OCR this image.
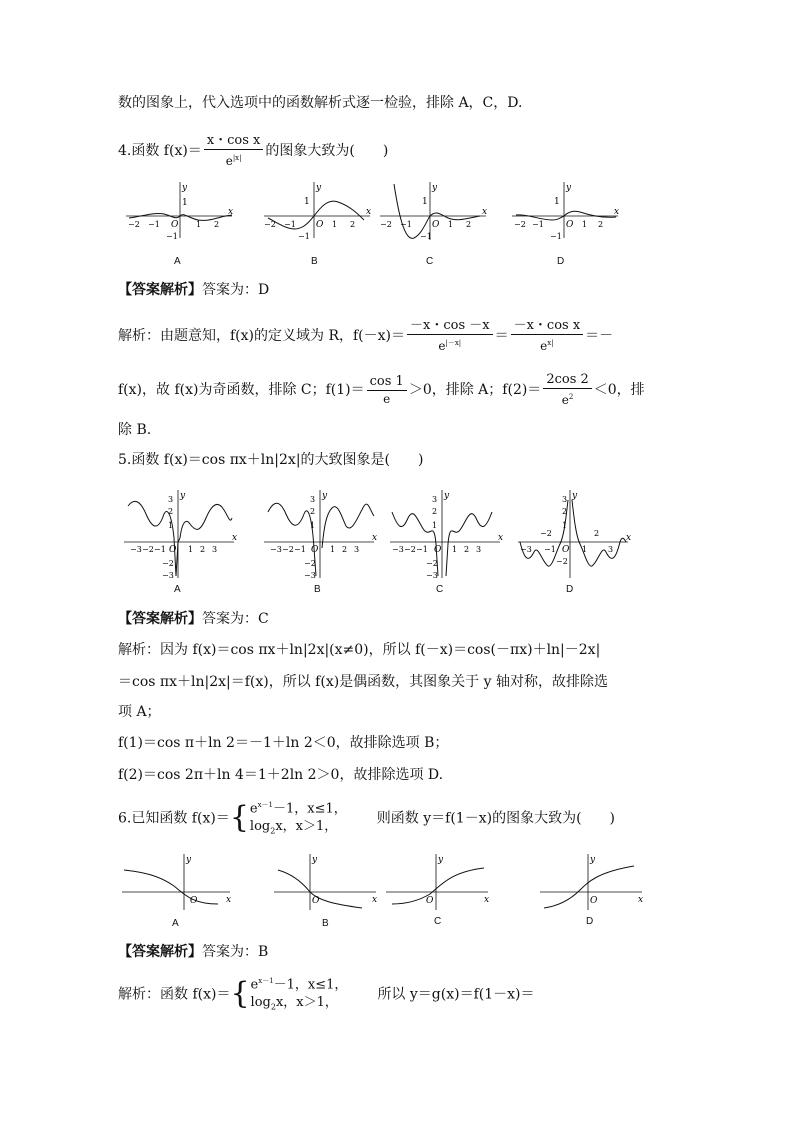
数的图象上，代入选项中的函数解析式逐一检验，排除 A，C，D.
4.函数 $f(x)= \frac{\text{x・cos x}}{e^{|x|}}$ 的图象大致为(　　)
y
1
x
−2 −1 O 1 2
−1
A
y
1
x
−2 −1 O 1 2
−1
B
y
1
x
−2 −1 O 1 2
−1
C
y
1
x
−2 −1 O 1 2
−1
D
【答案解析】答案为：D
解析：由题意知，f(x)的定义域为 R，$f(-x)= \frac{-x・\cos -x}{e^{|-x|}} = \frac{\text{－x・cos x}}{e^{x|}}$ ＝－
f(x)，故 f(x)为奇函数，排除 C；$f(1)= \frac{\cos 1}{e} >0$，排除 A；$f(2)= \frac{2\cos 2}{e^2} <0$，排
除 B.
5.函数 f(x)＝cos πx＋ln|2x|的大致图象是(　　)
y
3
2
1
x
−3 −2 −1 O 1 2 3
−2
−3
A
y
3
2
1
x
−3 −2 −1 O 1 2 3
−2
−3
B
y
3
2
1
x
−3 −2 −1 O 1 2 3
−2
−3
C
y
3
2
1
x
−2	2
−3 −1 O 1	3
−2
D
【答案解析】答案为：C
解析：因为 f(x)＝cos πx＋ln|2x|(x≠0)，所以 f(－x)＝cos(－πx)＋ln|－2x|
＝cos πx＋ln|2x|＝f(x)，所以 f(x)是偶函数，其图象关于 y 轴对称，故排除选
项 A；
f(1)＝cos π＋ln 2＝－1＋ln 2＜0，故排除选项 B；
f(2)＝cos 2π＋ln 4＝1＋2ln 2＞0，故排除选项 D.
6.已知函数 f(x)＝{ $e^{x-1}-1$，x≤1，
$\log_2x$，x＞1，
则函数 y＝f(1－x)的图象大致为(　　)
y
O	x
A
y
O	x
B
y
O	x
C
y
O	x
D
【答案解析】答案为：B
解析：函数 f(x)＝{ $e^{x-1}-1$，x≤1，
$\log_2x$，x＞1，
所以 y＝g(x)＝f(1－x)＝
